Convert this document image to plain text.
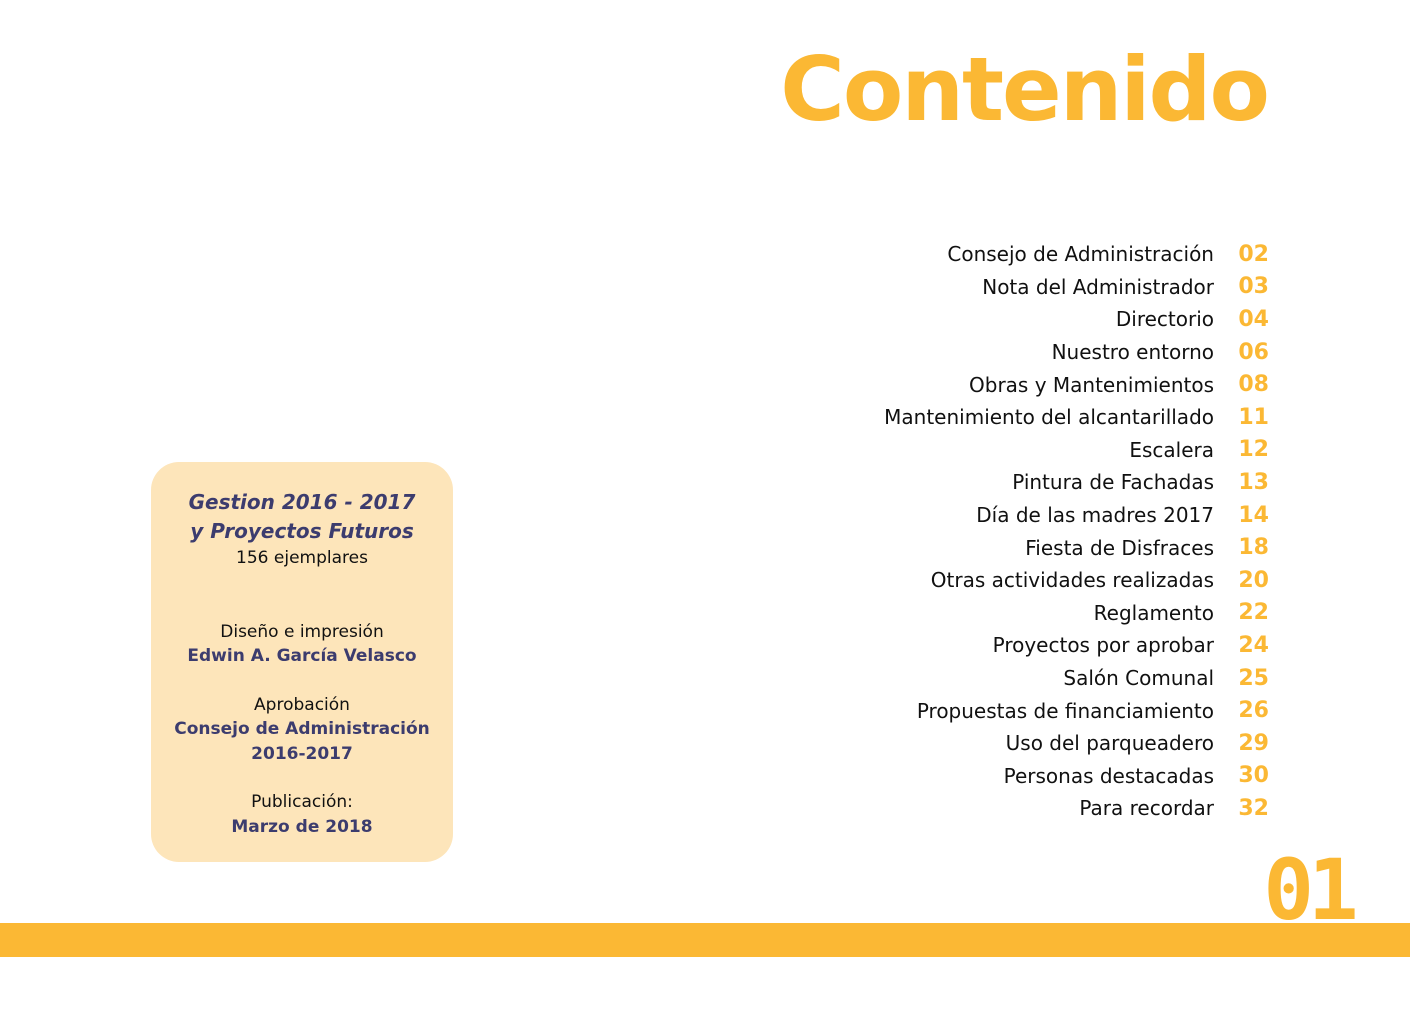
Contenido
Consejo de Administración	02
Nota del Administrador	03
Directorio	04
Nuestro entorno	06
Obras y Mantenimientos	08
Mantenimiento del alcantarillado	11
Escalera	12
Pintura de Fachadas	13
Día de las madres 2017	14
Fiesta de Disfraces	18
Otras actividades realizadas	20
Reglamento	22
Proyectos por aprobar	24
Salón Comunal	25
Propuestas de financiamiento	26
Uso del parqueadero	29
Personas destacadas	30
Para recordar	32
Gestion 2016 - 2017
y Proyectos Futuros
156 ejemplares
Diseño e impresión
Edwin A. García Velasco
Aprobación
Consejo de Administración
2016-2017
Publicación:
Marzo de 2018
01
